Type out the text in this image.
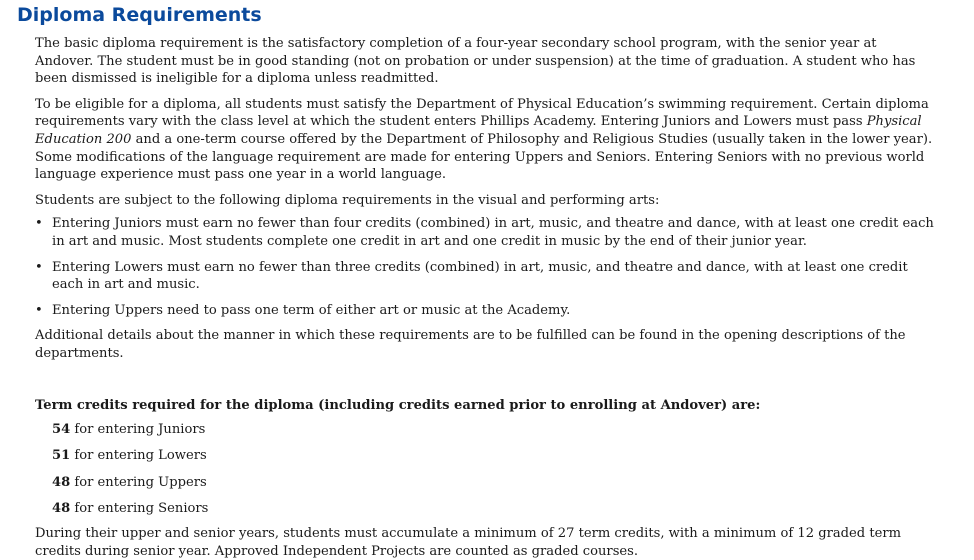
Diploma Requirements

The basic diploma requirement is the satisfactory completion of a four-year secondary school program, with the senior year at Andover. The student must be in good standing (not on probation or under suspension) at the time of graduation. A student who has been dismissed is ineligible for a diploma unless readmitted.

To be eligible for a diploma, all students must satisfy the Department of Physical Education’s swimming requirement. Certain diploma requirements vary with the class level at which the student enters Phillips Academy. Entering Juniors and Lowers must pass Physical Education 200 and a one-term course offered by the Department of Philosophy and Religious Studies (usually taken in the lower year). Some modifications of the language requirement are made for entering Uppers and Seniors. Entering Seniors with no previous world language experience must pass one year in a world language.

Students are subject to the following diploma requirements in the visual and performing arts:

• Entering Juniors must earn no fewer than four credits (combined) in art, music, and theatre and dance, with at least one credit each in art and music. Most students complete one credit in art and one credit in music by the end of their junior year.
• Entering Lowers must earn no fewer than three credits (combined) in art, music, and theatre and dance, with at least one credit each in art and music.
• Entering Uppers need to pass one term of either art or music at the Academy.

Additional details about the manner in which these requirements are to be fulfilled can be found in the opening descriptions of the departments.

Term credits required for the diploma (including credits earned prior to enrolling at Andover) are:

54 for entering Juniors
51 for entering Lowers
48 for entering Uppers
48 for entering Seniors

During their upper and senior years, students must accumulate a minimum of 27 term credits, with a minimum of 12 graded term credits during senior year. Approved Independent Projects are counted as graded courses.
